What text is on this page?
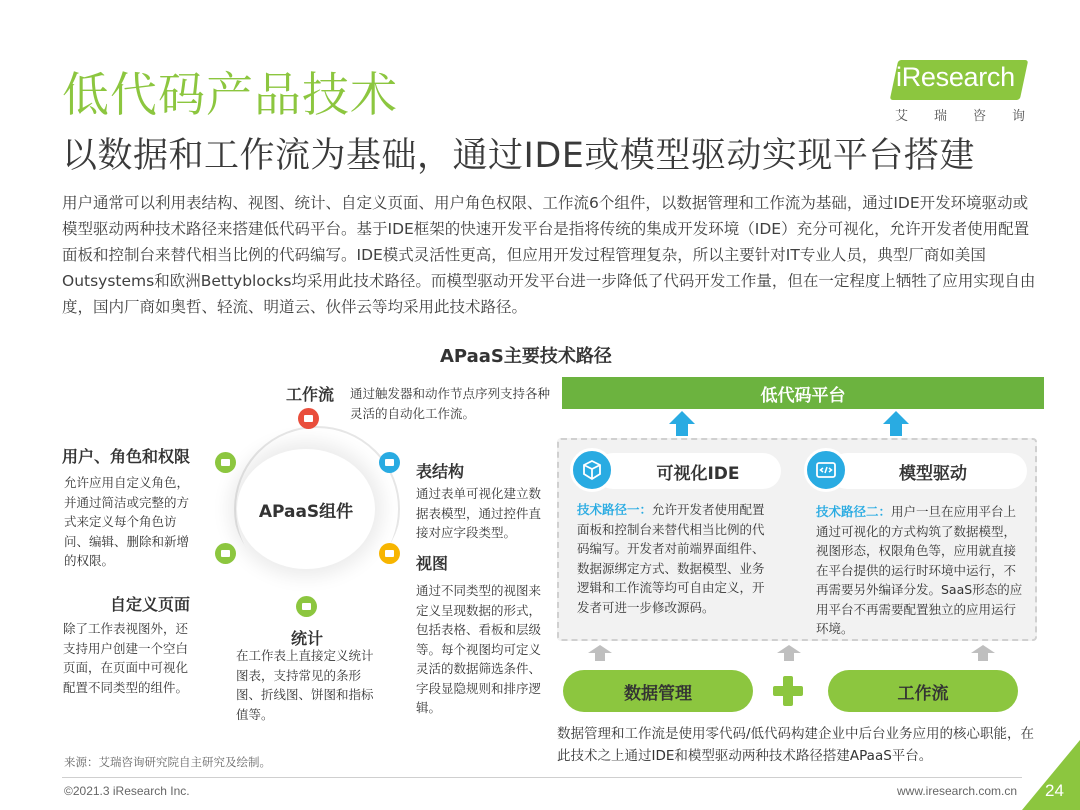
低代码产品技术
以数据和工作流为基础，通过IDE或模型驱动实现平台搭建
iResearch
艾 瑞 咨 询
用户通常可以利用表结构、视图、统计、自定义页面、用户角色权限、工作流6个组件，以数据管理和工作流为基础，通过IDE开发环境驱动或模型驱动两种技术路径来搭建低代码平台。基于IDE框架的快速开发平台是指将传统的集成开发环境（IDE）充分可视化，允许开发者使用配置面板和控制台来替代相当比例的代码编写。IDE模式灵活性更高，但应用开发过程管理复杂，所以主要针对IT专业人员，典型厂商如美国Outsystems和欧洲Bettyblocks均采用此技术路径。而模型驱动开发平台进一步降低了代码开发工作量，但在一定程度上牺牲了应用实现自由度，国内厂商如奥哲、轻流、明道云、伙伴云等均采用此技术路径。
APaaS主要技术路径
APaaS组件
工作流 通过触发器和动作节点序列支持各种灵活的自动化工作流。
表结构
通过表单可视化建立数据表模型，通过控件直接对应字段类型。
视图
通过不同类型的视图来定义呈现数据的形式，包括表格、看板和层级等。每个视图均可定义灵活的数据筛选条件、字段显隐规则和排序逻辑。
统计
在工作表上直接定义统计图表，支持常见的条形图、折线图、饼图和指标值等。
自定义页面
除了工作表视图外，还支持用户创建一个空白页面，在页面中可视化配置不同类型的组件。
用户、角色和权限
允许应用自定义角色，并通过简洁或完整的方式来定义每个角色访问、编辑、删除和新增的权限。
低代码平台
可视化IDE
技术路径一：允许开发者使用配置面板和控制台来替代相当比例的代码编写。开发者对前端界面组件、数据源绑定方式、数据模型、业务逻辑和工作流等均可自由定义，开发者可进一步修改源码。
模型驱动
技术路径二：用户一旦在应用平台上通过可视化的方式构筑了数据模型，视图形态，权限角色等，应用就直接在平台提供的运行时环境中运行，不再需要另外编译分发。SaaS形态的应用平台不再需要配置独立的应用运行环境。
数据管理	工作流
数据管理和工作流是使用零代码/低代码构建企业中后台业务应用的核心职能，在此技术之上通过IDE和模型驱动两种技术路径搭建APaaS平台。
来源：艾瑞咨询研究院自主研究及绘制。
©2021.3 iResearch Inc.	www.iresearch.com.cn 24
